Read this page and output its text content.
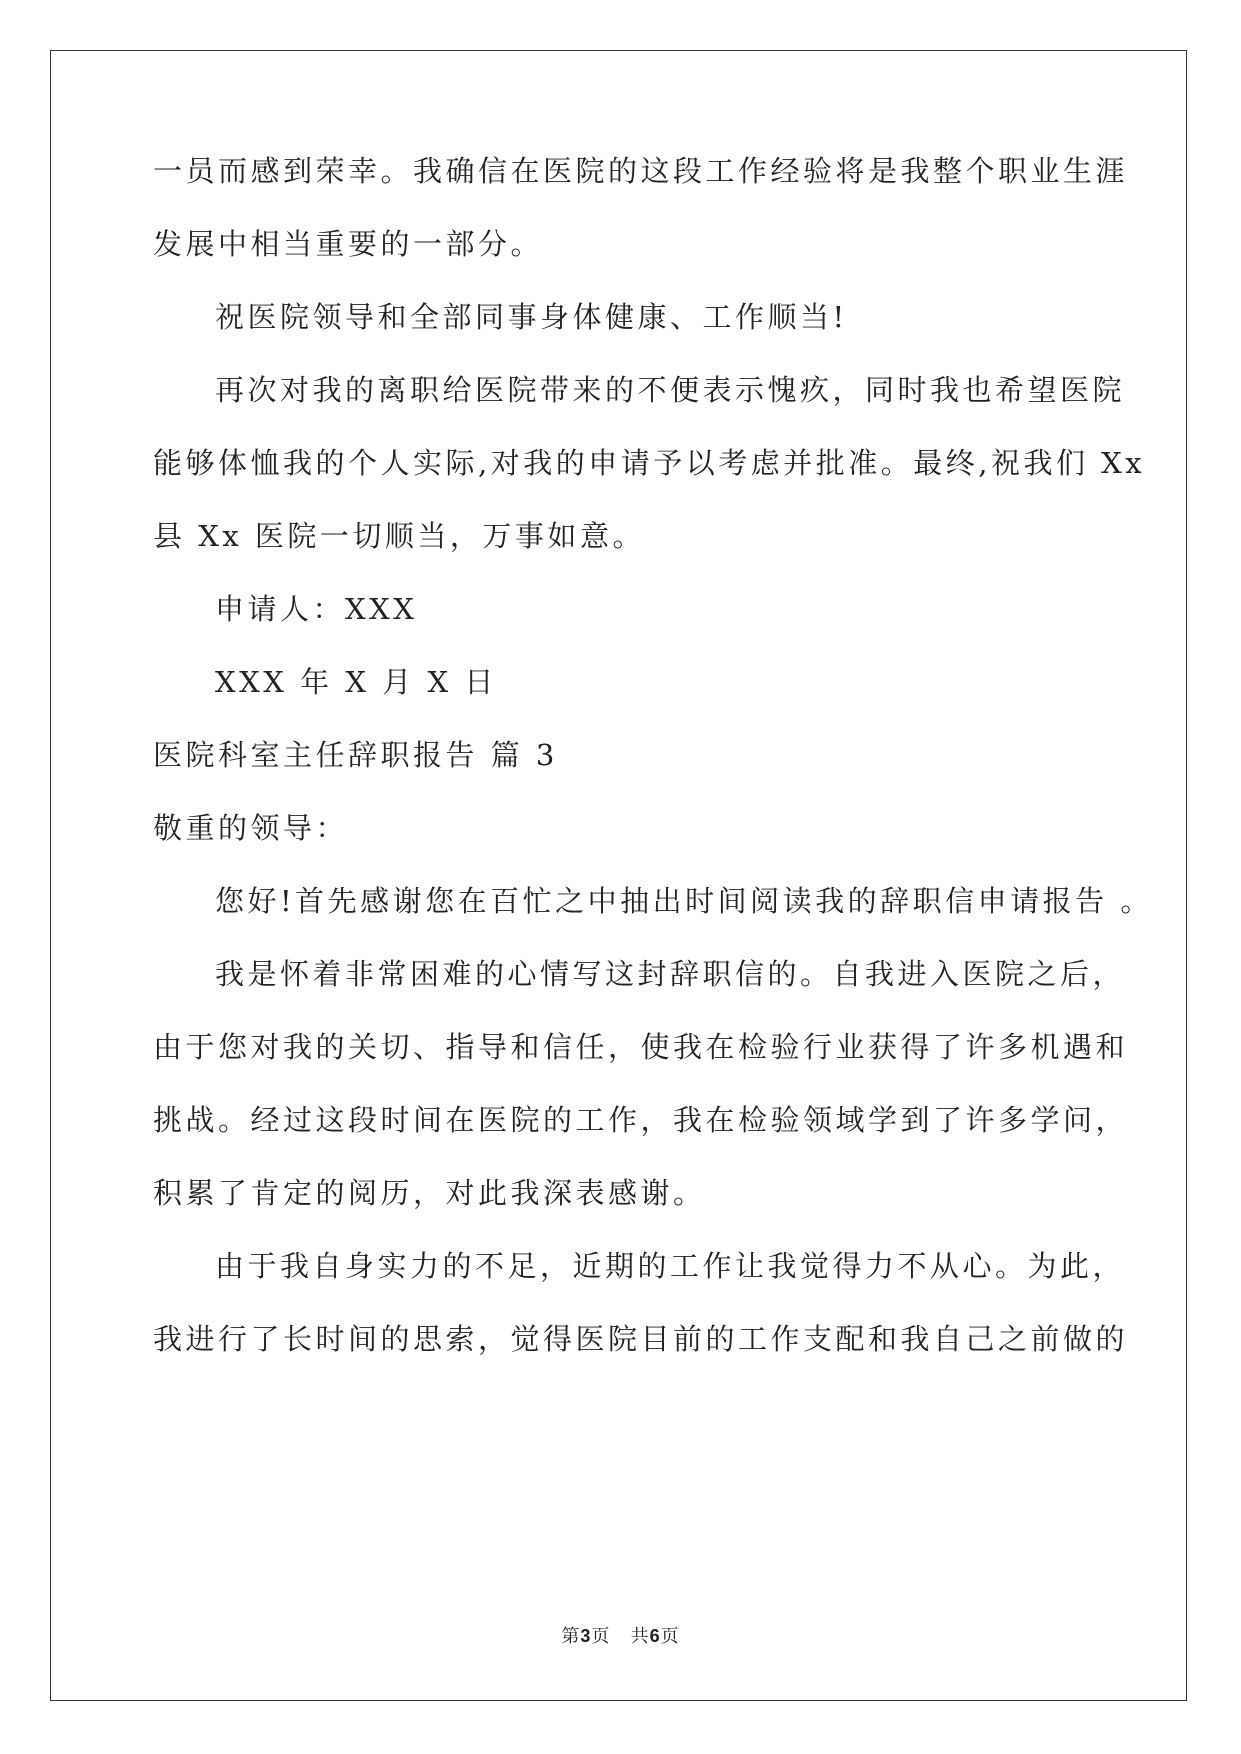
一员而感到荣幸。我确信在医院的这段工作经验将是我整个职业生涯
发展中相当重要的一部分。
祝医院领导和全部同事身体健康、工作顺当!
再次对我的离职给医院带来的不便表示愧疚，同时我也希望医院
能够体恤我的个人实际,对我的申请予以考虑并批准。最终,祝我们 Xx
县 Xx 医院一切顺当，万事如意。
申请人：XXX
XXX 年 X 月 X 日
医院科室主任辞职报告 篇 3
敬重的领导：
您好!首先感谢您在百忙之中抽出时间阅读我的辞职信申请报告 。
我是怀着非常困难的心情写这封辞职信的。自我进入医院之后，
由于您对我的关切、指导和信任，使我在检验行业获得了许多机遇和
挑战。经过这段时间在医院的工作，我在检验领域学到了许多学问，
积累了肯定的阅历，对此我深表感谢。
由于我自身实力的不足，近期的工作让我觉得力不从心。为此，
我进行了长时间的思索，觉得医院目前的工作支配和我自己之前做的
第3页   共6页
